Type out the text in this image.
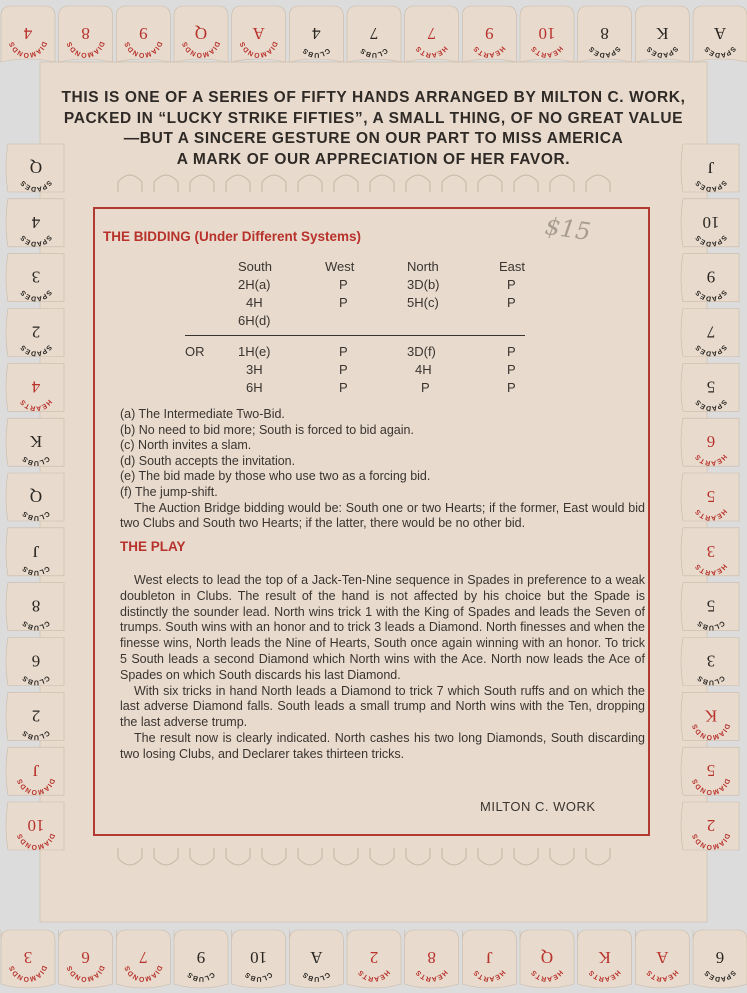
DIAMONDS
4
DIAMONDS
8
DIAMONDS
9
DIAMONDS
Q
DIAMONDS
A
CLUBS
4
CLUBS
7
HEARTS
7
HEARTS
9
HEARTS
10
SPADES
8
SPADES
K
SPADES
A
DIAMONDS
3
DIAMONDS
6
DIAMONDS
7
CLUBS
9
CLUBS
10
CLUBS
A
HEARTS
2
HEARTS
8
HEARTS
J
HEARTS
Q
HEARTS
K
HEARTS
A
SPADES
6
SPADES
Q
SPADES
4
SPADES
3
SPADES
2
HEARTS
4
CLUBS
K
CLUBS
Q
CLUBS
J
CLUBS
8
CLUBS
6
CLUBS
2
DIAMONDS
J
DIAMONDS
10
SPADES
J
SPADES
10
SPADES
9
SPADES
7
SPADES
5
HEARTS
6
HEARTS
5
HEARTS
3
CLUBS
5
CLUBS
3
DIAMONDS
K
DIAMONDS
5
DIAMONDS
2
THIS IS ONE OF A SERIES OF FIFTY HANDS ARRANGED BY MILTON C. WORK,
PACKED IN “LUCKY STRIKE FIFTIES”, A SMALL THING, OF NO GREAT VALUE
—BUT A SINCERE GESTURE ON OUR PART TO MISS AMERICA
A MARK OF OUR APPRECIATION OF HER FAVOR.
$15
THE BIDDING (Under Different Systems)
	South	West	North	East
	2H(a)	P	3D(b)	P
	4H	P	5H(c)	P
	6H(d)			

OR	1H(e)	P	3D(f)	P
	3H	P	4H	P
	6H	P	P	P
(a) The Intermediate Two-Bid.
(b) No need to bid more; South is forced to bid again.
(c) North invites a slam.
(d) South accepts the invitation.
(e) The bid made by those who use two as a forcing bid.
(f) The jump-shift.
The Auction Bridge bidding would be: South one or two Hearts; if the former, East would bid two Clubs and South two Hearts; if the latter, there would be no other bid.
THE PLAY

West elects to lead the top of a Jack-Ten-Nine sequence in Spades in preference to a weak doubleton in Clubs. The result of the hand is not affected by his choice but the Spade is distinctly the sounder lead. North wins trick 1 with the King of Spades and leads the Seven of trumps. South wins with an honor and to trick 3 leads a Diamond. North finesses and when the finesse wins, North leads the Nine of Hearts, South once again winning with an honor. To trick 5 South leads a second Diamond which North wins with the Ace. North now leads the Ace of Spades on which South discards his last Diamond.

With six tricks in hand North leads a Diamond to trick 7 which South ruffs and on which the last adverse Diamond falls. South leads a small trump and North wins with the Ten, dropping the last adverse trump.

The result now is clearly indicated. North cashes his two long Diamonds, South discarding two losing Clubs, and Declarer takes thirteen tricks.

MILTON C. WORK
